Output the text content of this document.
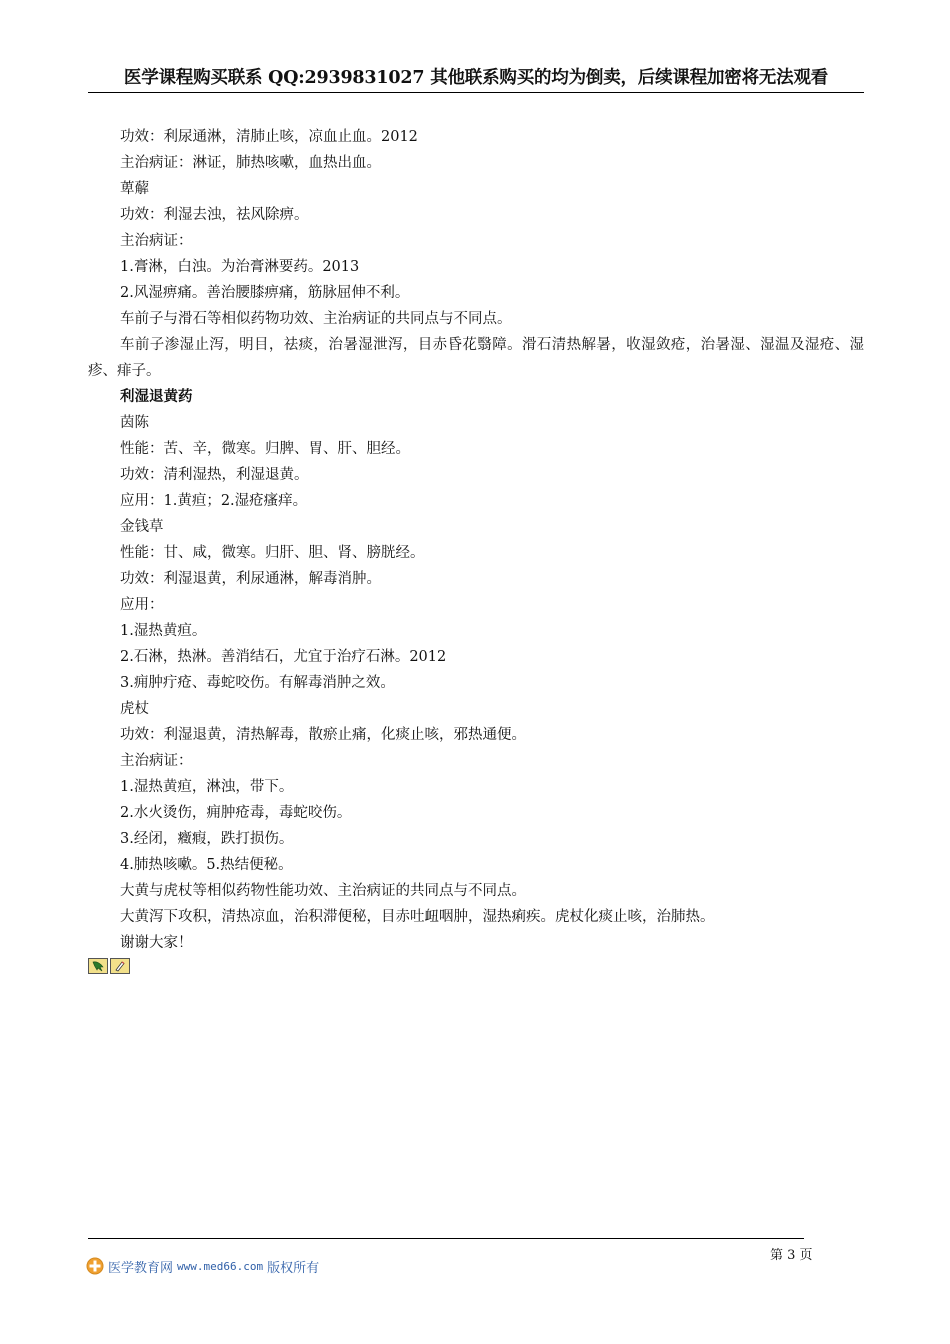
医学课程购买联系 QQ:2939831027 其他联系购买的均为倒卖，后续课程加密将无法观看
功效：利尿通淋，清肺止咳，凉血止血。2012
主治病证：淋证，肺热咳嗽，血热出血。
萆薢
功效：利湿去浊，祛风除痹。
主治病证：
1.膏淋，白浊。为治膏淋要药。2013
2.风湿痹痛。善治腰膝痹痛，筋脉屈伸不利。
车前子与滑石等相似药物功效、主治病证的共同点与不同点。

车前子渗湿止泻，明目，祛痰，治暑湿泄泻，目赤昏花翳障。滑石清热解暑，收湿敛疮，治暑湿、湿温及湿疮、湿疹、痱子。

利湿退黄药
茵陈
性能：苦、辛，微寒。归脾、胃、肝、胆经。
功效：清利湿热，利湿退黄。
应用：1.黄疸；2.湿疮瘙痒。
金钱草
性能：甘、咸，微寒。归肝、胆、肾、膀胱经。
功效：利湿退黄，利尿通淋，解毒消肿。
应用：
1.湿热黄疸。
2.石淋，热淋。善消结石，尤宜于治疗石淋。2012
3.痈肿疔疮、毒蛇咬伤。有解毒消肿之效。
虎杖
功效：利湿退黄，清热解毒，散瘀止痛，化痰止咳，邪热通便。
主治病证：
1.湿热黄疸，淋浊，带下。
2.水火烫伤，痈肿疮毒，毒蛇咬伤。
3.经闭，癥瘕，跌打损伤。
4.肺热咳嗽。5.热结便秘。
大黄与虎杖等相似药物性能功效、主治病证的共同点与不同点。
大黄泻下攻积，清热凉血，治积滞便秘，目赤吐衄咽肿，湿热痢疾。虎杖化痰止咳，治肺热。
谢谢大家！
第 3 页
医学教育网 www.med66.com 版权所有
